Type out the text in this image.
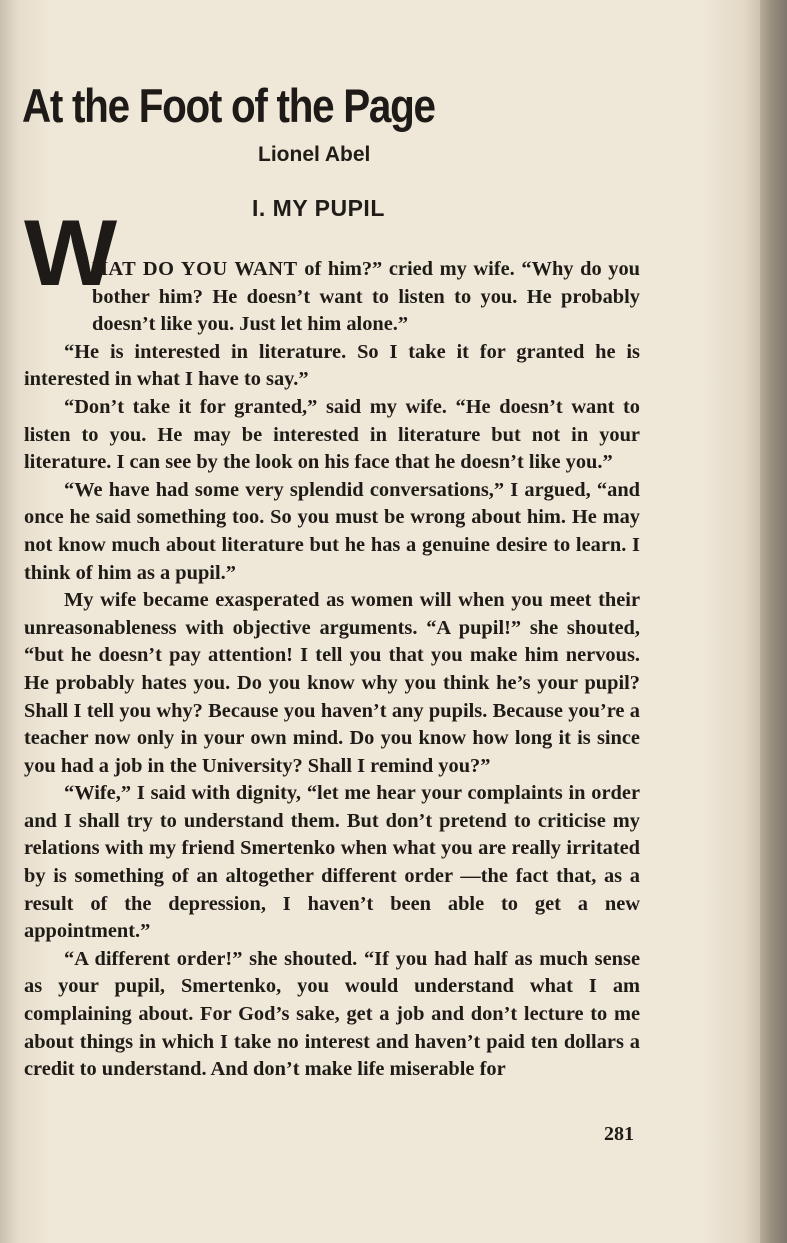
At the Foot of the Page
Lionel Abel
I. MY PUPIL
W

HAT DO YOU WANT of him?” cried my wife. “Why do you bother him? He doesn’t want to listen to you. He probably doesn’t like you. Just let him alone.”

“He is interested in literature. So I take it for granted he is interested in what I have to say.”

“Don’t take it for granted,” said my wife. “He doesn’t want to listen to you. He may be interested in literature but not in your literature. I can see by the look on his face that he doesn’t like you.”

“We have had some very splendid conversations,” I argued, “and once he said something too. So you must be wrong about him. He may not know much about literature but he has a genuine desire to learn. I think of him as a pupil.”

My wife became exasperated as women will when you meet their unreasonableness with objective arguments. “A pupil!” she shouted, “but he doesn’t pay attention! I tell you that you make him nervous. He probably hates you. Do you know why you think he’s your pupil? Shall I tell you why? Because you haven’t any pupils. Because you’re a teacher now only in your own mind. Do you know how long it is since you had a job in the University? Shall I remind you?”

“Wife,” I said with dignity, “let me hear your complaints in order and I shall try to understand them. But don’t pretend to criticise my relations with my friend Smertenko when what you are really irritated by is something of an altogether different order —the fact that, as a result of the depression, I haven’t been able to get a new appointment.”

“A different order!” she shouted. “If you had half as much sense as your pupil, Smertenko, you would understand what I am complaining about. For God’s sake, get a job and don’t lecture to me about things in which I take no interest and haven’t paid ten dollars a credit to understand. And don’t make life miserable for

281
